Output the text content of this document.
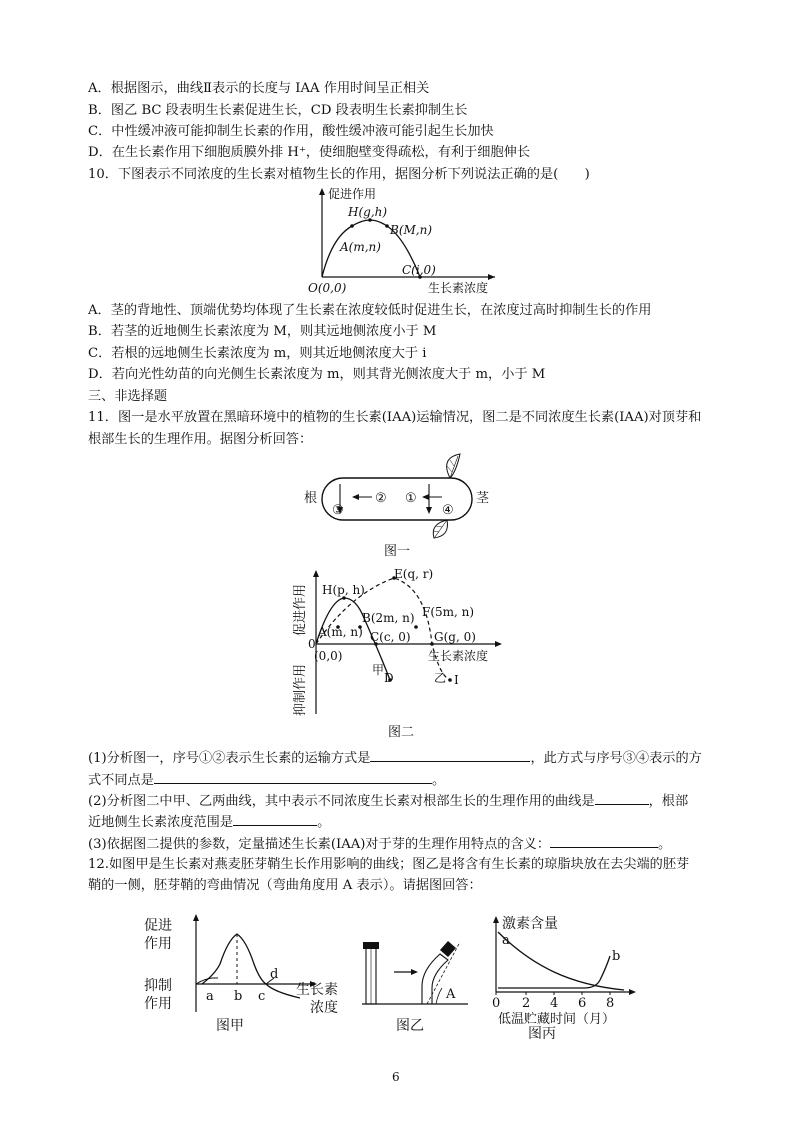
A．根据图示，曲线Ⅱ表示的长度与 IAA 作用时间呈正相关
B．图乙 BC 段表明生长素促进生长，CD 段表明生长素抑制生长
C．中性缓冲液可能抑制生长素的作用，酸性缓冲液可能引起生长加快
D．在生长素作用下细胞质膜外排 H⁺，使细胞壁变得疏松，有利于细胞伸长
10．下图表示不同浓度的生长素对植物生长的作用，据图分析下列说法正确的是(　　)
促进作用
H(g,h)
B(M,n)
A(m,n)
C(i,0)
O(0,0)	生长素浓度
A．茎的背地性、顶端优势均体现了生长素在浓度较低时促进生长，在浓度过高时抑制生长的作用
B．若茎的近地侧生长素浓度为 M，则其远地侧浓度小于 M
C．若根的远地侧生长素浓度为 m，则其近地侧浓度大于 i
D．若向光性幼苗的向光侧生长素浓度为 m，则其背光侧浓度大于 m，小于 M
三、非选择题
11．图一是水平放置在黑暗环境中的植物的生长素(IAA)运输情况，图二是不同浓度生长素(IAA)对顶芽和
根部生长的生理作用。据图分析回答：
根	茎
③
② ①
④
图一
促进作用
抑制作用
0
H(p, h)
E(q, r)
B(2m, n) F(5m, n)
A(m, n) C(c, 0) G(g, 0)
(0,0)	生长素浓度
甲
D	乙 I
图二
(1)分析图一，序号①②表示生长素的运输方式是	，此方式与序号③④表示的方
式不同点是	。
(2)分析图二中甲、乙两曲线，其中表示不同浓度生长素对根部生长的生理作用的曲线是	，根部
近地侧生长素浓度范围是	。
(3)依据图二提供的参数，定量描述生长素(IAA)对于芽的生理作用特点的含义：	。
12.如图甲是生长素对燕麦胚芽鞘生长作用影响的曲线；图乙是将含有生长素的琼脂块放在去尖端的胚芽
鞘的一侧，胚芽鞘的弯曲情况（弯曲角度用 A 表示）。请据图回答：
促进
作用
抑制
作用	a b c
d
生长素
浓度
图甲
A
图乙
激素含量
a
b
0 2 4 6 8
低温贮藏时间（月）
图丙
6
